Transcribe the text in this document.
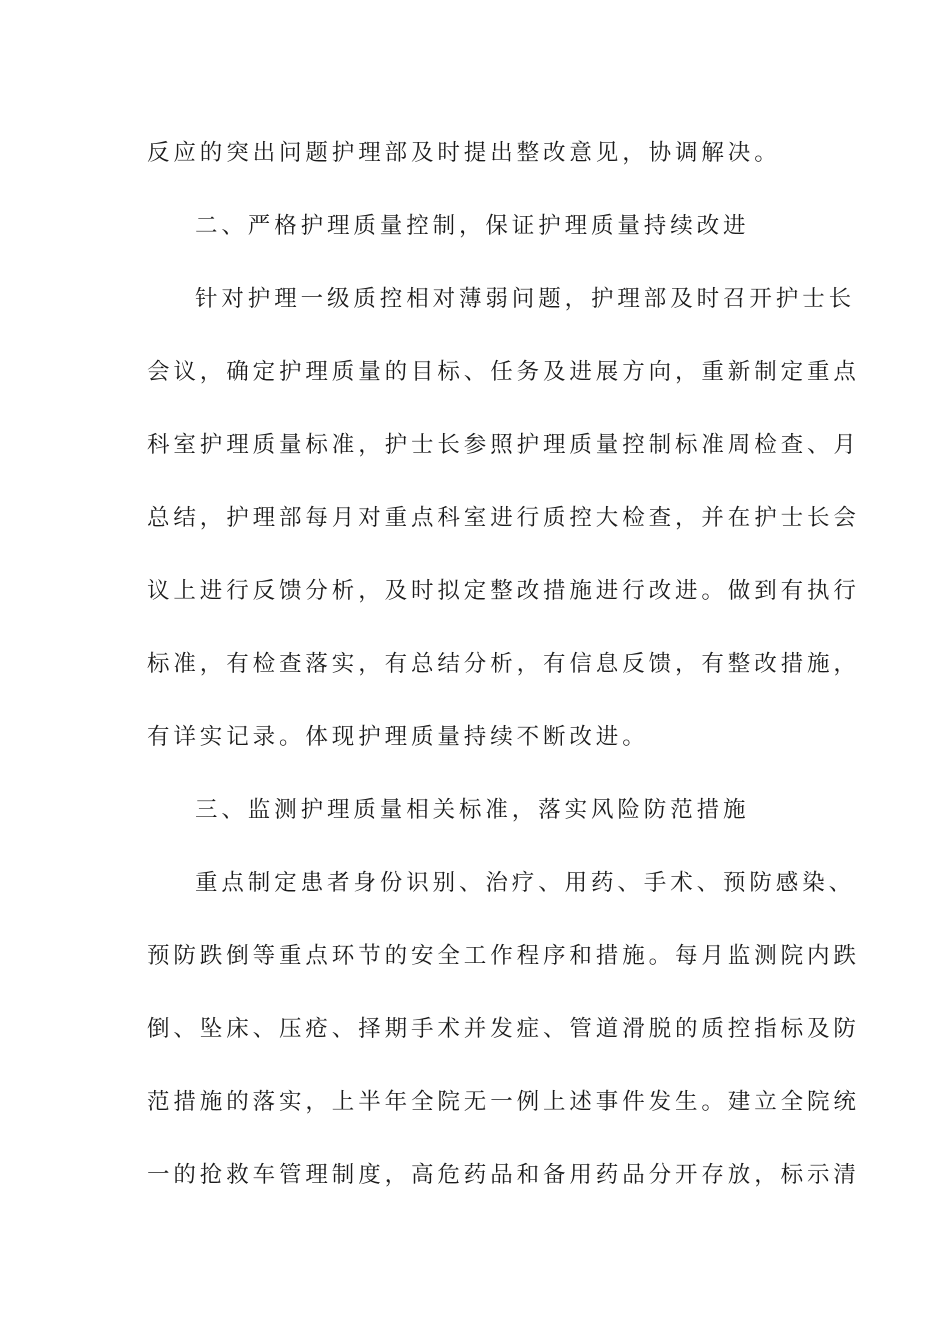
反应的突出问题护理部及时提出整改意见，协调解决。
二、严格护理质量控制，保证护理质量持续改进
针对护理一级质控相对薄弱问题，护理部及时召开护士长
会议，确定护理质量的目标、任务及进展方向，重新制定重点
科室护理质量标准，护士长参照护理质量控制标准周检查、月
总结，护理部每月对重点科室进行质控大检查，并在护士长会
议上进行反馈分析，及时拟定整改措施进行改进。做到有执行
标准，有检查落实，有总结分析，有信息反馈，有整改措施，
有详实记录。体现护理质量持续不断改进。
三、监测护理质量相关标准，落实风险防范措施
重点制定患者身份识别、治疗、用药、手术、预防感染、
预防跌倒等重点环节的安全工作程序和措施。每月监测院内跌
倒、坠床、压疮、择期手术并发症、管道滑脱的质控指标及防
范措施的落实，上半年全院无一例上述事件发生。建立全院统
一的抢救车管理制度，高危药品和备用药品分开存放，标示清
